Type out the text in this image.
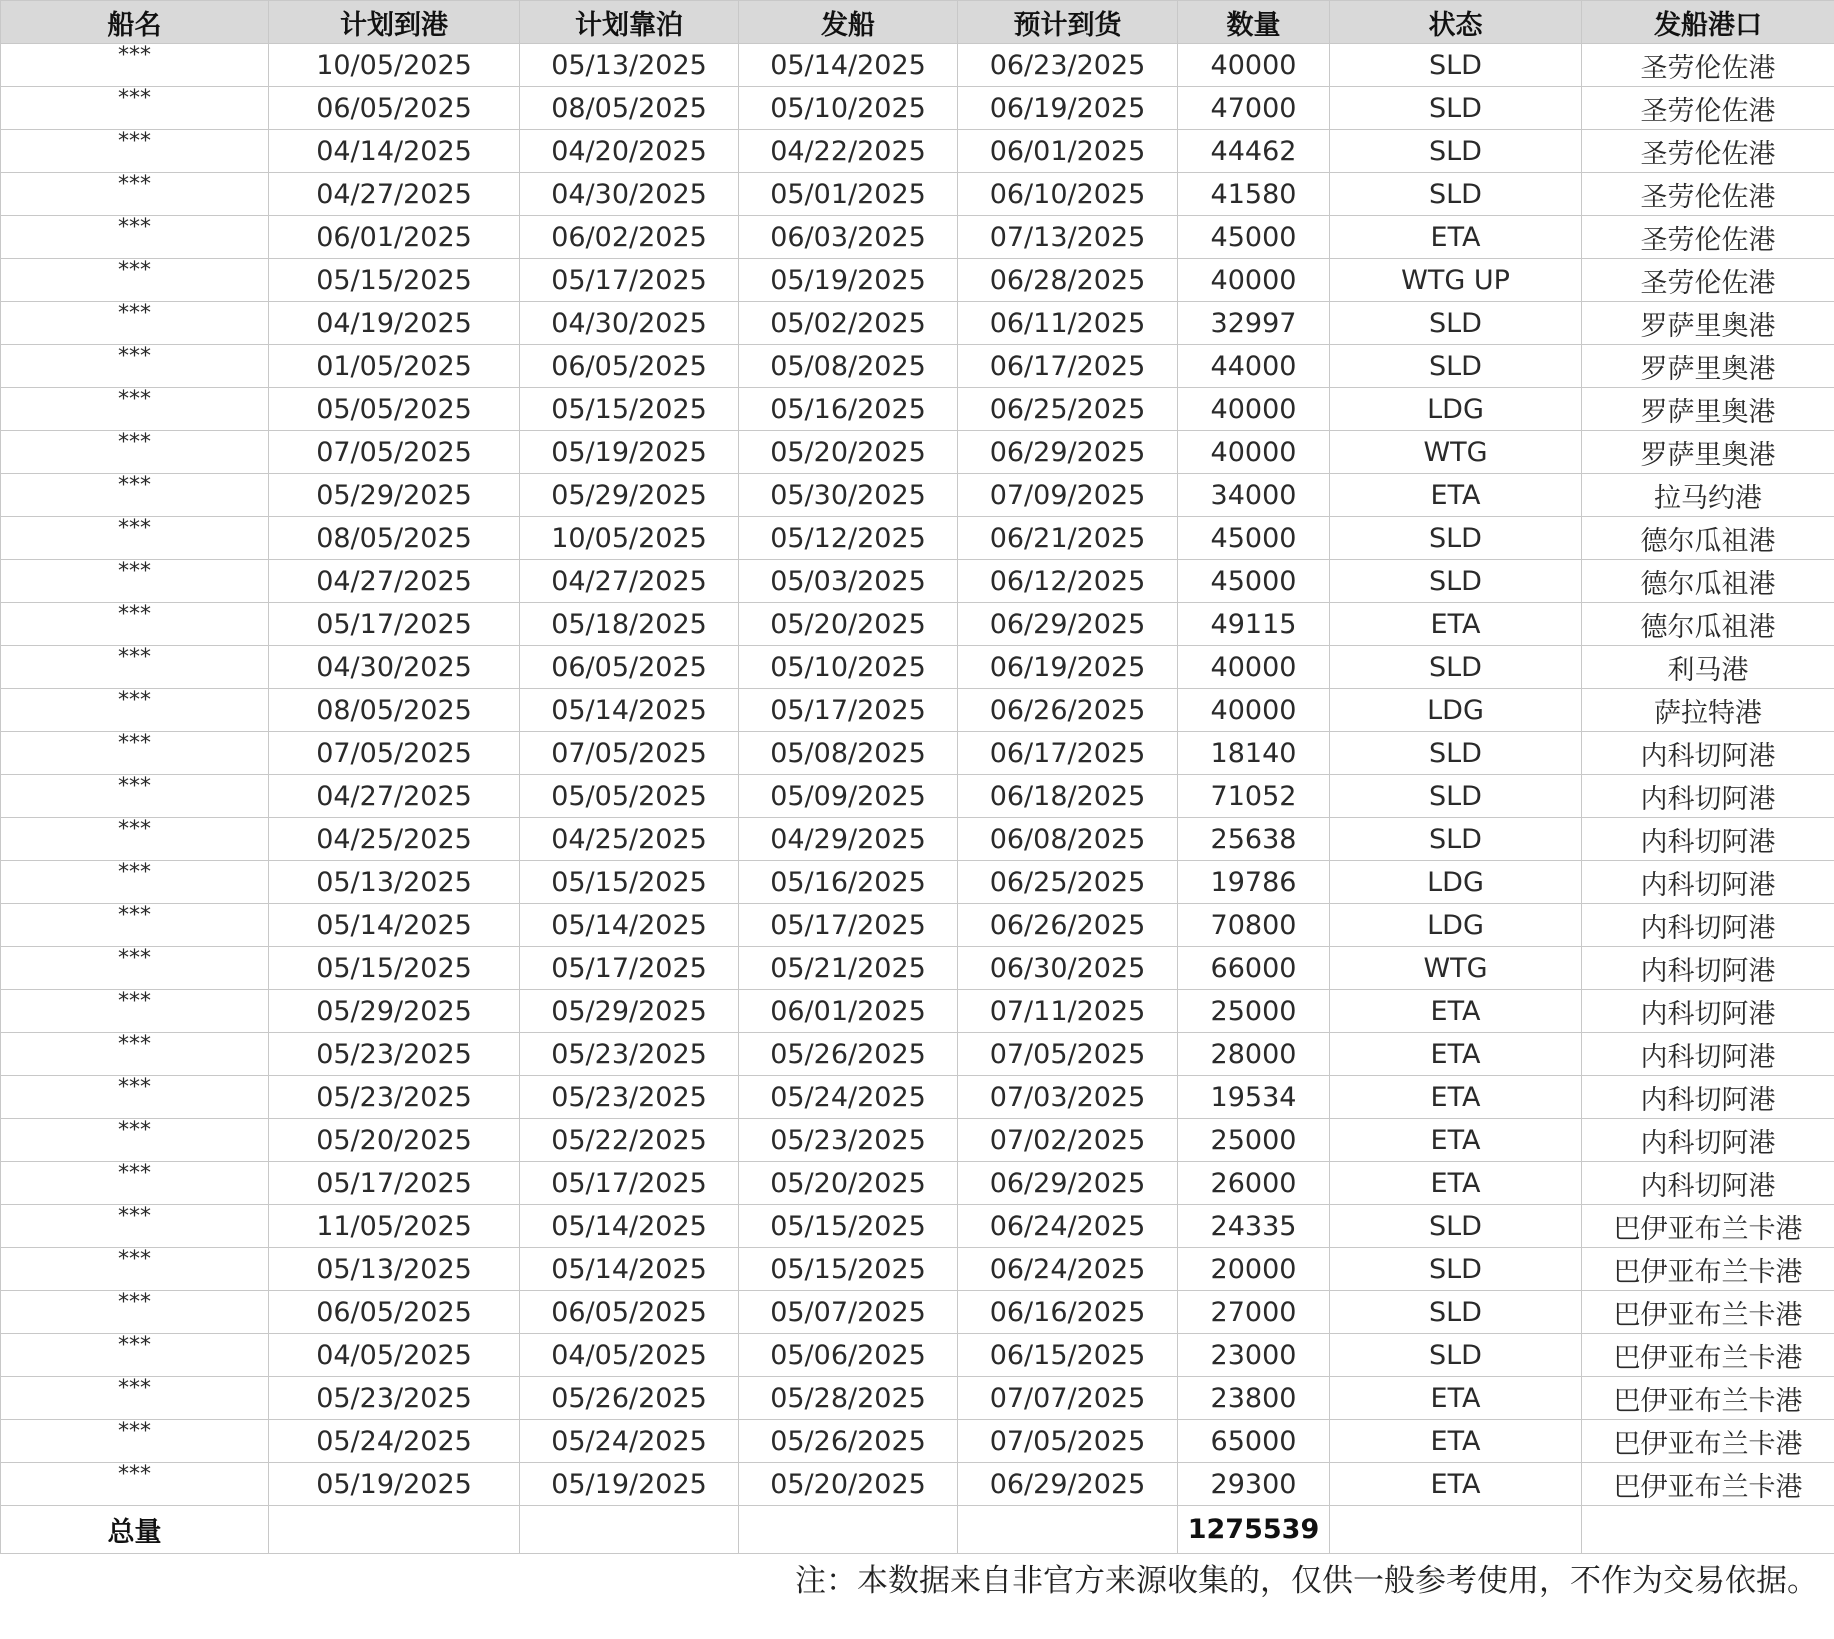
船名	计划到港	计划靠泊	发船	预计到货	数量	状态	发船港口
***	10/05/2025	05/13/2025	05/14/2025	06/23/2025	40000	SLD	圣劳伦佐港
***	06/05/2025	08/05/2025	05/10/2025	06/19/2025	47000	SLD	圣劳伦佐港
***	04/14/2025	04/20/2025	04/22/2025	06/01/2025	44462	SLD	圣劳伦佐港
***	04/27/2025	04/30/2025	05/01/2025	06/10/2025	41580	SLD	圣劳伦佐港
***	06/01/2025	06/02/2025	06/03/2025	07/13/2025	45000	ETA	圣劳伦佐港
***	05/15/2025	05/17/2025	05/19/2025	06/28/2025	40000	WTG UP	圣劳伦佐港
***	04/19/2025	04/30/2025	05/02/2025	06/11/2025	32997	SLD	罗萨里奥港
***	01/05/2025	06/05/2025	05/08/2025	06/17/2025	44000	SLD	罗萨里奥港
***	05/05/2025	05/15/2025	05/16/2025	06/25/2025	40000	LDG	罗萨里奥港
***	07/05/2025	05/19/2025	05/20/2025	06/29/2025	40000	WTG	罗萨里奥港
***	05/29/2025	05/29/2025	05/30/2025	07/09/2025	34000	ETA	拉马约港
***	08/05/2025	10/05/2025	05/12/2025	06/21/2025	45000	SLD	德尔瓜祖港
***	04/27/2025	04/27/2025	05/03/2025	06/12/2025	45000	SLD	德尔瓜祖港
***	05/17/2025	05/18/2025	05/20/2025	06/29/2025	49115	ETA	德尔瓜祖港
***	04/30/2025	06/05/2025	05/10/2025	06/19/2025	40000	SLD	利马港
***	08/05/2025	05/14/2025	05/17/2025	06/26/2025	40000	LDG	萨拉特港
***	07/05/2025	07/05/2025	05/08/2025	06/17/2025	18140	SLD	内科切阿港
***	04/27/2025	05/05/2025	05/09/2025	06/18/2025	71052	SLD	内科切阿港
***	04/25/2025	04/25/2025	04/29/2025	06/08/2025	25638	SLD	内科切阿港
***	05/13/2025	05/15/2025	05/16/2025	06/25/2025	19786	LDG	内科切阿港
***	05/14/2025	05/14/2025	05/17/2025	06/26/2025	70800	LDG	内科切阿港
***	05/15/2025	05/17/2025	05/21/2025	06/30/2025	66000	WTG	内科切阿港
***	05/29/2025	05/29/2025	06/01/2025	07/11/2025	25000	ETA	内科切阿港
***	05/23/2025	05/23/2025	05/26/2025	07/05/2025	28000	ETA	内科切阿港
***	05/23/2025	05/23/2025	05/24/2025	07/03/2025	19534	ETA	内科切阿港
***	05/20/2025	05/22/2025	05/23/2025	07/02/2025	25000	ETA	内科切阿港
***	05/17/2025	05/17/2025	05/20/2025	06/29/2025	26000	ETA	内科切阿港
***	11/05/2025	05/14/2025	05/15/2025	06/24/2025	24335	SLD	巴伊亚布兰卡港
***	05/13/2025	05/14/2025	05/15/2025	06/24/2025	20000	SLD	巴伊亚布兰卡港
***	06/05/2025	06/05/2025	05/07/2025	06/16/2025	27000	SLD	巴伊亚布兰卡港
***	04/05/2025	04/05/2025	05/06/2025	06/15/2025	23000	SLD	巴伊亚布兰卡港
***	05/23/2025	05/26/2025	05/28/2025	07/07/2025	23800	ETA	巴伊亚布兰卡港
***	05/24/2025	05/24/2025	05/26/2025	07/05/2025	65000	ETA	巴伊亚布兰卡港
***	05/19/2025	05/19/2025	05/20/2025	06/29/2025	29300	ETA	巴伊亚布兰卡港
总量					1275539		
注：本数据来自非官方来源收集的，仅供一般参考使用，不作为交易依据。
